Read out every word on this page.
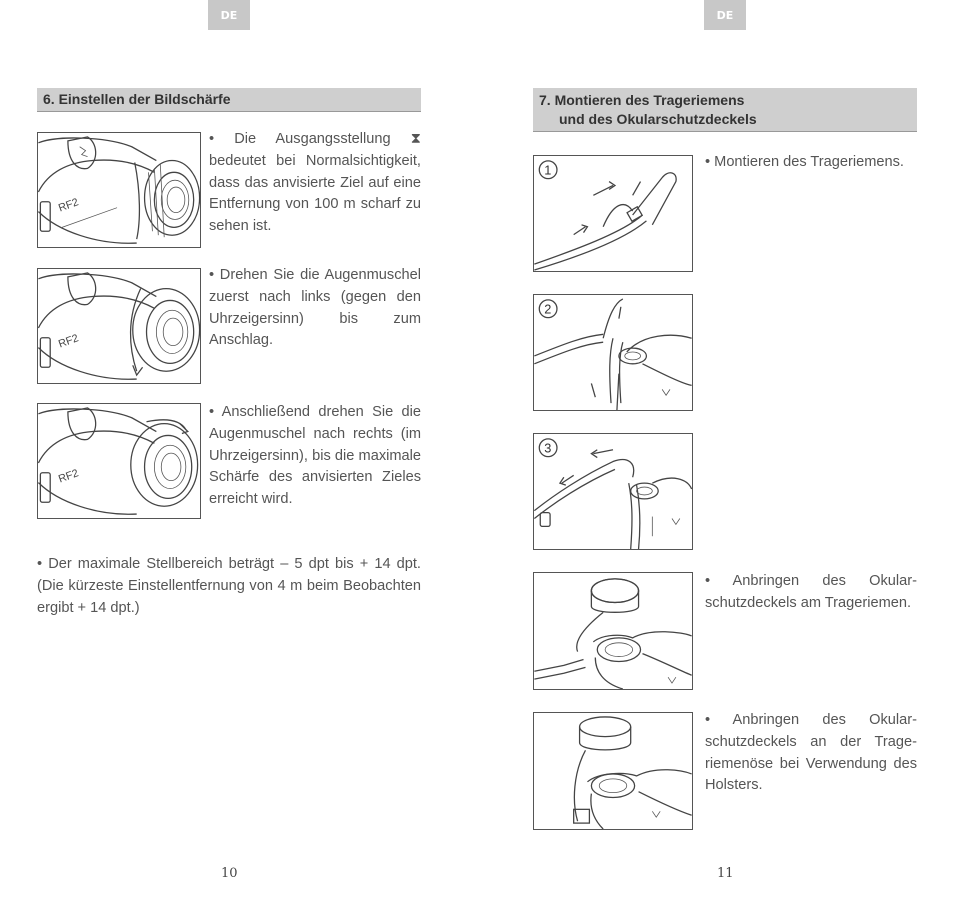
DE	DE
6. Einstellen der Bildschärfe
RF2
• Die Ausgangsstellung ⧗ bedeutet bei Normalsichtigkeit, dass das anvisierte Ziel auf eine Entfernung von 100 m scharf zu sehen ist.
RF2
• Drehen Sie die Augenmuschel zuerst nach links (gegen den Uhrzeigersinn) bis zum Anschlag.
RF2
• Anschließend drehen Sie die Augenmuschel nach rechts (im Uhrzeigersinn), bis die maximale Schärfe des anvisierten Zieles erreicht wird.
• Der maximale Stellbereich beträgt – 5 dpt bis + 14 dpt. (Die kürzeste Einstellentfernung von 4 m beim Beobachten ergibt + 14 dpt.)
10
7. Montieren des Trageriemens
und des Okularschutzdeckels
1
• Montieren des Trageriemens.
2
3
• Anbringen des Okularschutzdeckels am Trageriemen.
• Anbringen des Okularschutzdeckels an der Trageriemenöse bei Verwendung des Holsters.
11
